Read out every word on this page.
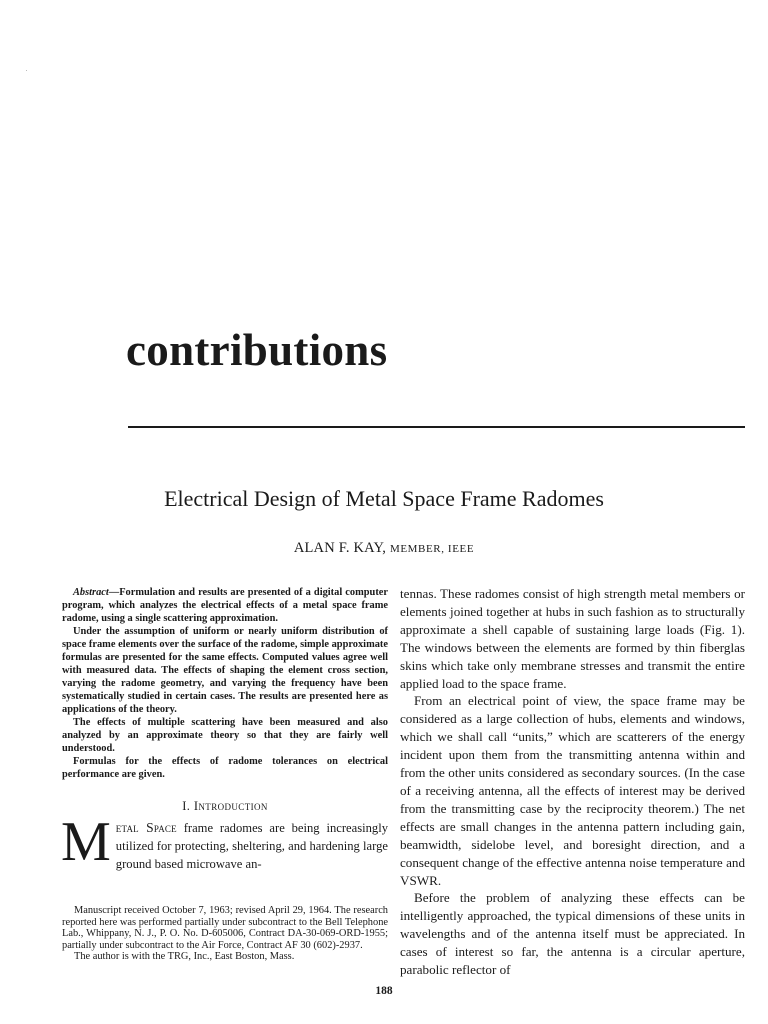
contributions
Electrical Design of Metal Space Frame Radomes
ALAN F. KAY, MEMBER, IEEE

Abstract—Formulation and results are presented of a digital computer program, which analyzes the electrical effects of a metal space frame radome, using a single scattering approximation.

Under the assumption of uniform or nearly uniform distribution of space frame elements over the surface of the radome, simple approximate formulas are presented for the same effects. Computed values agree well with measured data. The effects of shaping the element cross section, varying the radome geometry, and varying the frequency have been systematically studied in certain cases. The results are presented here as applications of the theory.

The effects of multiple scattering have been measured and also analyzed by an approximate theory so that they are fairly well understood.

Formulas for the effects of radome tolerances on electrical performance are given.

I. Introduction
Metal Space frame radomes are being increasingly utilized for protecting, sheltering, and hardening large ground based microwave an-

Manuscript received October 7, 1963; revised April 29, 1964. The research reported here was performed partially under subcontract to the Bell Telephone Lab., Whippany, N. J., P. O. No. D-605006, Contract DA-30-069-ORD-1955; partially under subcontract to the Air Force, Contract AF 30 (602)-2937.

The author is with the TRG, Inc., East Boston, Mass.

tennas. These radomes consist of high strength metal members or elements joined together at hubs in such fashion as to structurally approximate a shell capable of sustaining large loads (Fig. 1). The windows between the elements are formed by thin fiberglas skins which take only membrane stresses and transmit the entire applied load to the space frame.

From an electrical point of view, the space frame may be considered as a large collection of hubs, elements and windows, which we shall call “units,” which are scatterers of the energy incident upon them from the transmitting antenna within and from the other units considered as secondary sources. (In the case of a receiving antenna, all the effects of interest may be derived from the transmitting case by the reciprocity theorem.) The net effects are small changes in the antenna pattern including gain, beamwidth, sidelobe level, and boresight direction, and a consequent change of the effective antenna noise temperature and VSWR.

Before the problem of analyzing these effects can be intelligently approached, the typical dimensions of these units in wavelengths and of the antenna itself must be appreciated. In cases of interest so far, the antenna is a circular aperture, parabolic reflector of

188
